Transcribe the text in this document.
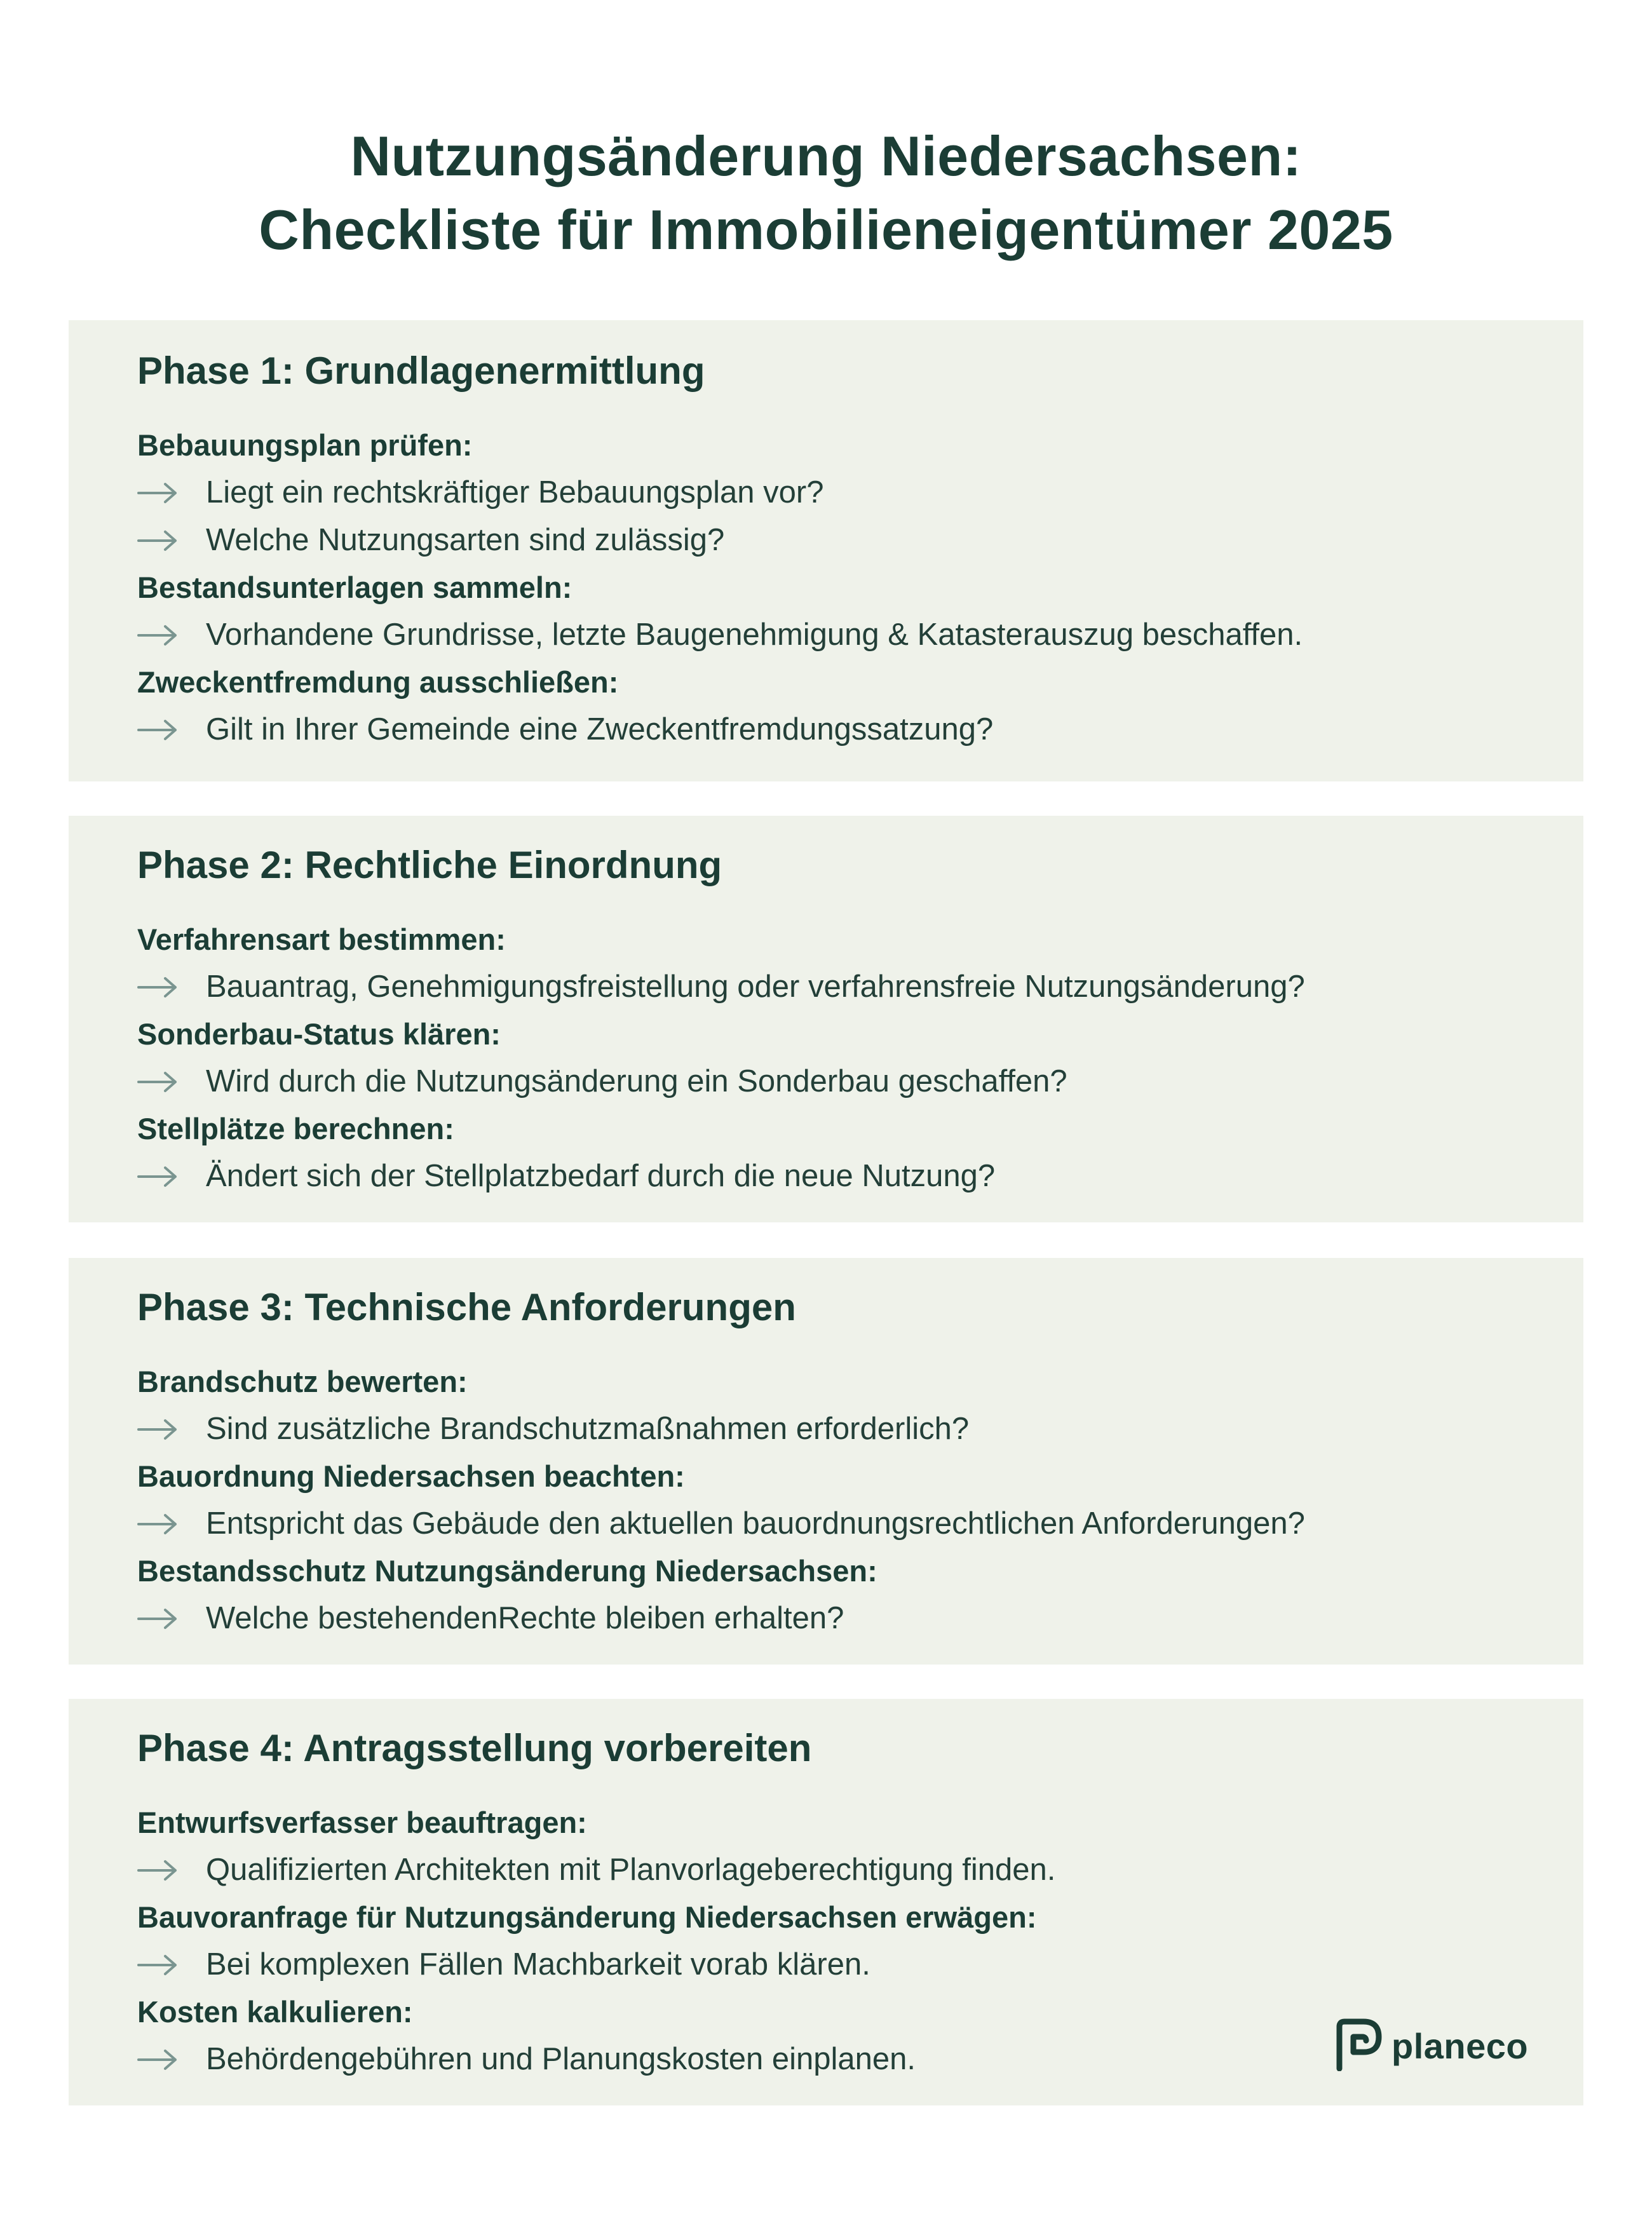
Nutzungsänderung Niedersachsen:
Checkliste für Immobilieneigentümer 2025
Phase 1: Grundlagenermittlung
Bebauungsplan prüfen:
Liegt ein rechtskräftiger Bebauungsplan vor?
Welche Nutzungsarten sind zulässig?
Bestandsunterlagen sammeln:
Vorhandene Grundrisse, letzte Baugenehmigung & Katasterauszug beschaffen.
Zweckentfremdung ausschließen:
Gilt in Ihrer Gemeinde eine Zweckentfremdungssatzung?
Phase 2: Rechtliche Einordnung
Verfahrensart bestimmen:
Bauantrag, Genehmigungsfreistellung oder verfahrensfreie Nutzungsänderung?
Sonderbau-Status klären:
Wird durch die Nutzungsänderung ein Sonderbau geschaffen?
Stellplätze berechnen:
Ändert sich der Stellplatzbedarf durch die neue Nutzung?
Phase 3: Technische Anforderungen
Brandschutz bewerten:
Sind zusätzliche Brandschutzmaßnahmen erforderlich?
Bauordnung Niedersachsen beachten:
Entspricht das Gebäude den aktuellen bauordnungsrechtlichen Anforderungen?
Bestandsschutz Nutzungsänderung Niedersachsen:
Welche bestehendenRechte bleiben erhalten?
Phase 4: Antragsstellung vorbereiten
Entwurfsverfasser beauftragen:
Qualifizierten Architekten mit Planvorlageberechtigung finden.
Bauvoranfrage für Nutzungsänderung Niedersachsen erwägen:
Bei komplexen Fällen Machbarkeit vorab klären.
Kosten kalkulieren:
Behördengebühren und Planungskosten einplanen.	planeco
